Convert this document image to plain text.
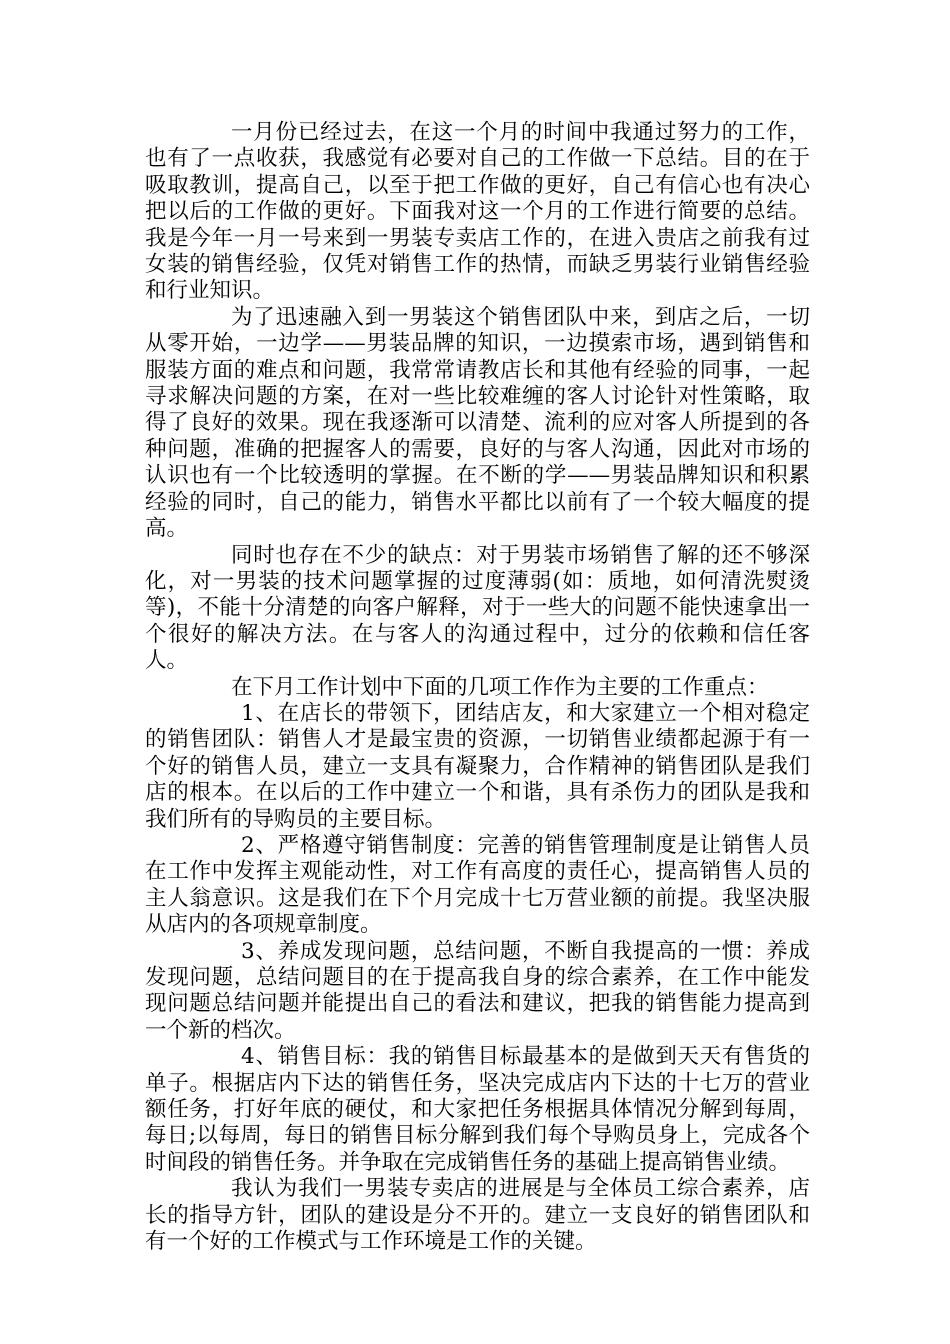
一月份已经过去，在这一个月的时间中我通过努力的工作，也有了一点收获，我感觉有必要对自己的工作做一下总结。目的在于吸取教训，提高自己，以至于把工作做的更好，自己有信心也有决心把以后的工作做的更好。下面我对这一个月的工作进行简要的总结。我是今年一月一号来到一男装专卖店工作的，在进入贵店之前我有过女装的销售经验，仅凭对销售工作的热情，而缺乏男装行业销售经验和行业知识。

为了迅速融入到一男装这个销售团队中来，到店之后，一切从零开始，一边学——男装品牌的知识，一边摸索市场，遇到销售和服装方面的难点和问题，我常常请教店长和其他有经验的同事，一起寻求解决问题的方案，在对一些比较难缠的客人讨论针对性策略，取得了良好的效果。现在我逐渐可以清楚、流利的应对客人所提到的各种问题，准确的把握客人的需要，良好的与客人沟通，因此对市场的认识也有一个比较透明的掌握。在不断的学——男装品牌知识和积累经验的同时，自己的能力，销售水平都比以前有了一个较大幅度的提高。

同时也存在不少的缺点：对于男装市场销售了解的还不够深化，对一男装的技术问题掌握的过度薄弱(如：质地，如何清洗熨烫等)，不能十分清楚的向客户解释，对于一些大的问题不能快速拿出一个很好的解决方法。在与客人的沟通过程中，过分的依赖和信任客人。

在下月工作计划中下面的几项工作作为主要的工作重点：

1、在店长的带领下，团结店友，和大家建立一个相对稳定的销售团队：销售人才是最宝贵的资源，一切销售业绩都起源于有一个好的销售人员，建立一支具有凝聚力，合作精神的销售团队是我们店的根本。在以后的工作中建立一个和谐，具有杀伤力的团队是我和我们所有的导购员的主要目标。

2、严格遵守销售制度：完善的销售管理制度是让销售人员在工作中发挥主观能动性，对工作有高度的责任心，提高销售人员的主人翁意识。这是我们在下个月完成十七万营业额的前提。我坚决服从店内的各项规章制度。

3、养成发现问题，总结问题，不断自我提高的一惯：养成发现问题，总结问题目的在于提高我自身的综合素养，在工作中能发现问题总结问题并能提出自己的看法和建议，把我的销售能力提高到一个新的档次。

4、销售目标：我的销售目标最基本的是做到天天有售货的单子。根据店内下达的销售任务，坚决完成店内下达的十七万的营业额任务，打好年底的硬仗，和大家把任务根据具体情况分解到每周，每日;以每周，每日的销售目标分解到我们每个导购员身上，完成各个时间段的销售任务。并争取在完成销售任务的基础上提高销售业绩。

我认为我们一男装专卖店的进展是与全体员工综合素养，店长的指导方针，团队的建设是分不开的。建立一支良好的销售团队和有一个好的工作模式与工作环境是工作的关键。
